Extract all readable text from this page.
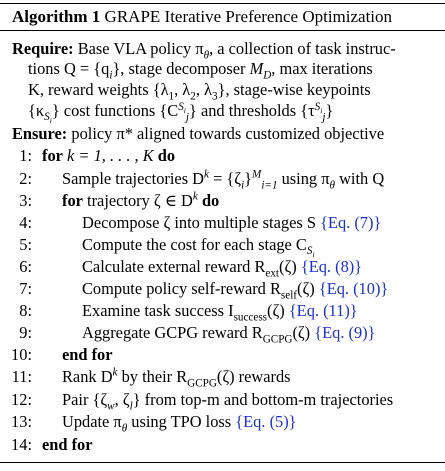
Algorithm 1 GRAPE Iterative Preference Optimization
Require: Base VLA policy $\pi_\theta$, a collection of task instruc-
tions $Q = \{q_i\}$, stage decomposer $M_D$, max iterations
K, reward weights {$\lambda_1$, $\lambda_2$, $\lambda_3$}, stage-wise keypoints
$\{\kappa_{S_i}\}$ cost functions $\{C^{S_i}_j\}$ and thresholds $\{\tau^{S_i}_j\}$
Ensure: policy π* aligned towards customized objective
1: for k = 1, . . . , K do
2: Sample trajectories $D^k = \{\zeta_i\}^M_{i=1}$ using $\pi_\theta$ with Q
3: for trajectory ζ ∈ $D^k$ do
4:	Decompose ζ into multiple stages S {Eq. (7)}
5:	Compute the cost for each stage $C_{S_i}$
6:	Calculate external reward $R_{ext}(\zeta)$ {Eq. (8)}
7:	Compute policy self-reward $R_{self}(\zeta)$ {Eq. (10)}
8:	Examine task success $I_{success}(\zeta)$ {Eq. (11)}
9:	Aggregate GCPG reward $R_{GCPG}(\zeta)$ {Eq. (9)}
10: end for
11: Rank $D^k$ by their $R_{GCPG}(\zeta)$ rewards
12: Pair {$\zeta_w$, $\zeta_l$} from top-m and bottom-m trajectories
13: Update $\pi_\theta$ using TPO loss {Eq. (5)}
14: end for
